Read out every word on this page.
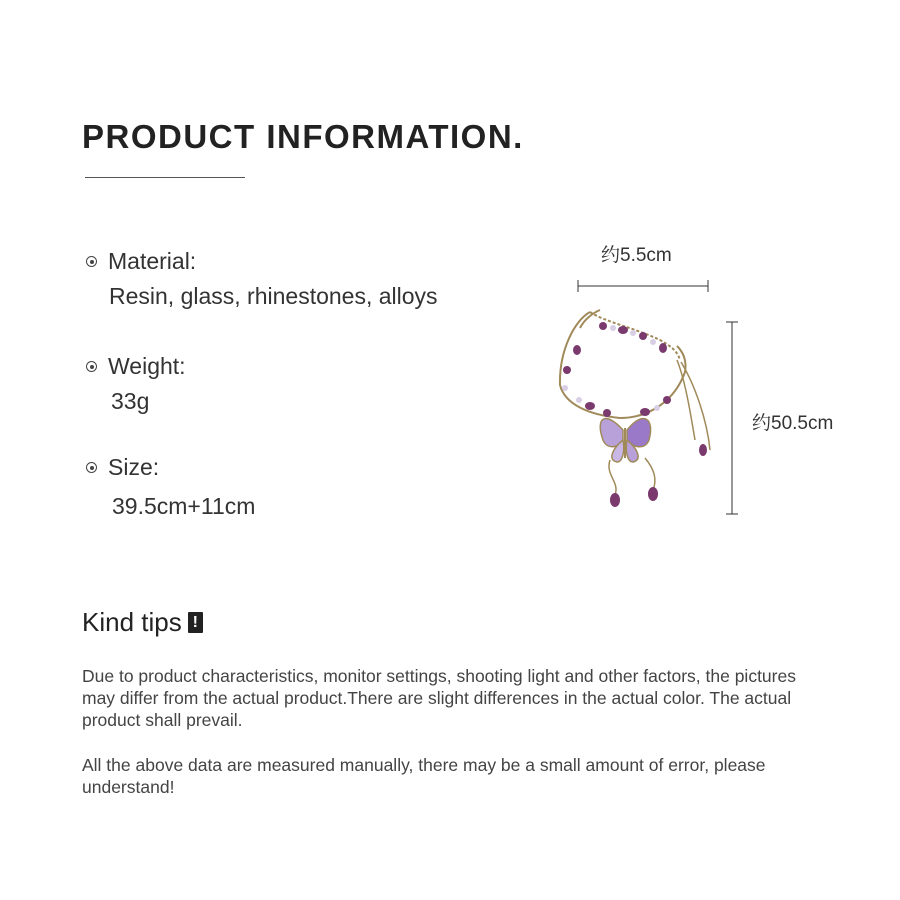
PRODUCT INFORMATION.
Material:
Resin, glass, rhinestones, alloys
Weight:
33g
Size:
39.5cm+11cm
约5.5cm
约50.5cm
Kind tips !
Due to product characteristics, monitor settings, shooting light and other factors, the pictures may differ from the actual product.There are slight differences in the actual color. The actual product shall prevail.
All the above data are measured manually, there may be a small amount of error, please understand!
